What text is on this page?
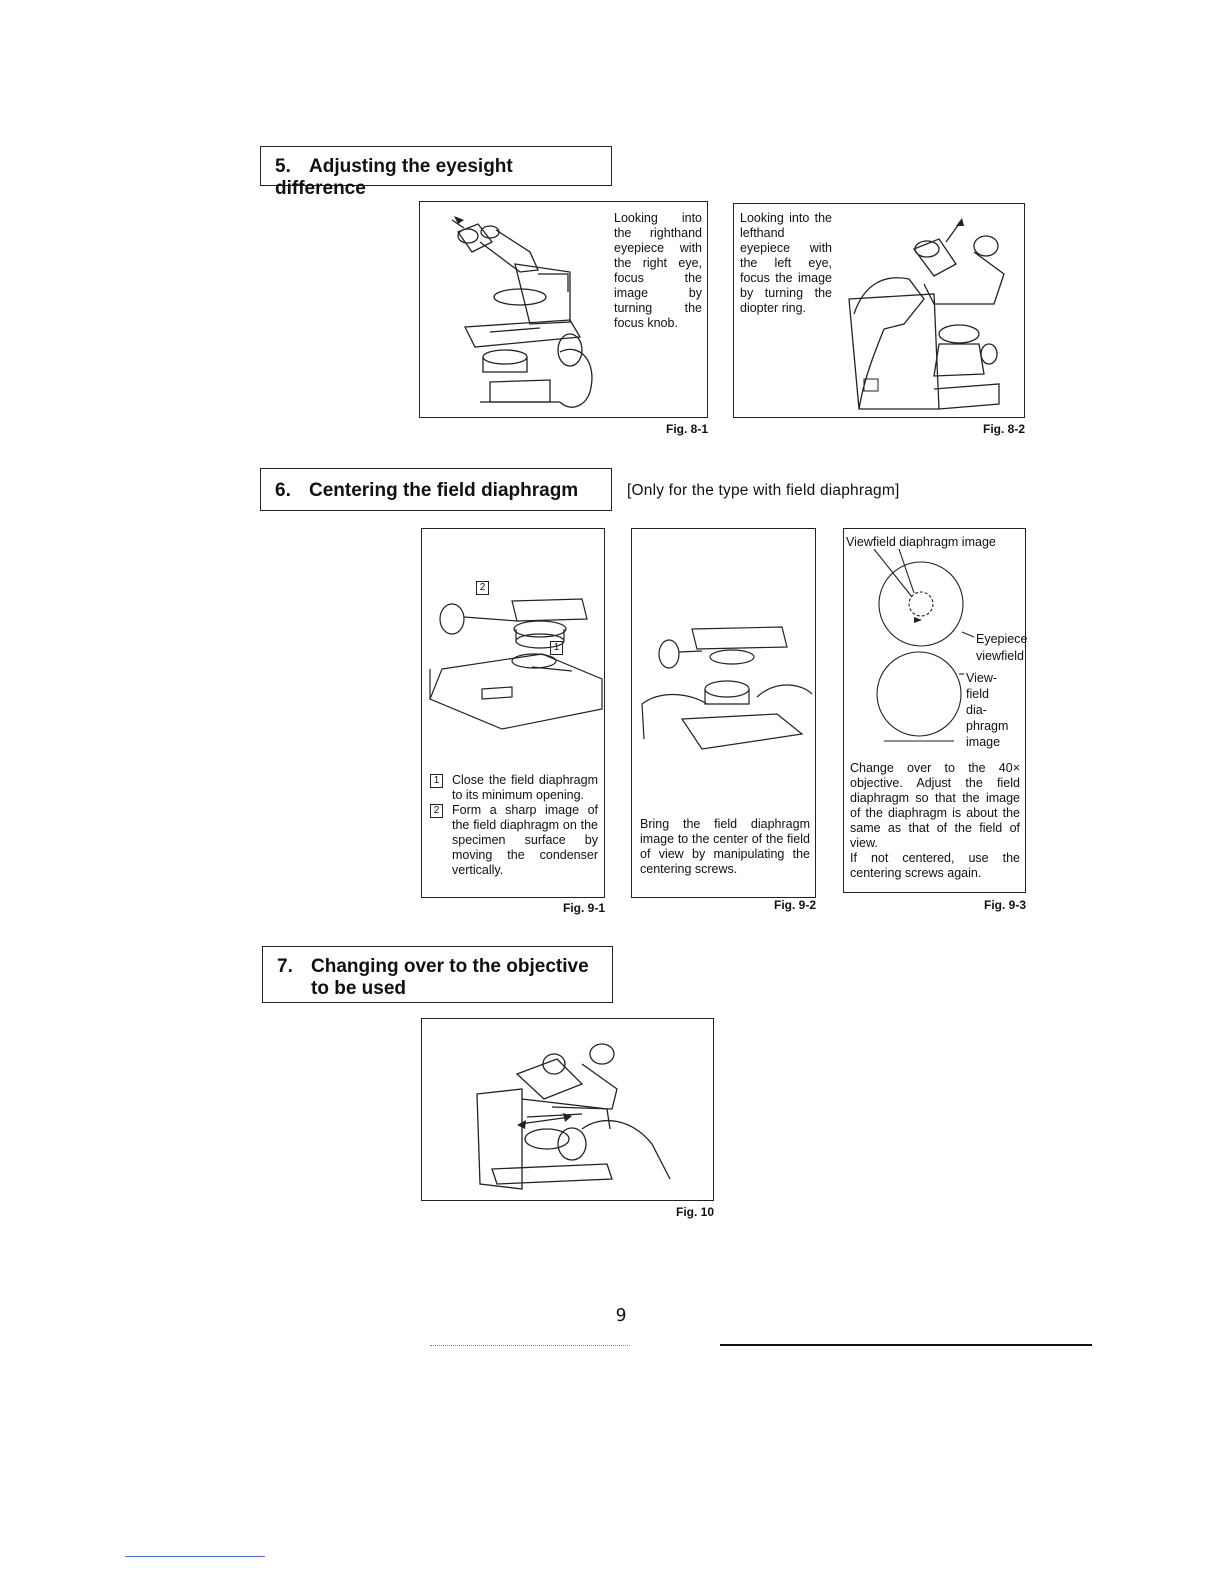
5. Adjusting the eyesight difference
Looking into the righthand eyepiece with the right eye, focus the image by turning the focus knob.
Fig. 8-1
Looking into the lefthand eyepiece with the left eye, focus the image by turning the diopter ring.
Fig. 8-2
6. Centering the field diaphragm	[Only for the type with field diaphragm]
2
1
1 Close the field diaphragm to its minimum opening.
2 Form a sharp image of the field diaphragm on the specimen surface by moving the condenser vertically.
Fig. 9-1
Bring the field diaphragm image to the center of the field of view by manipulating the centering screws.
Fig. 9-2
Viewfield diaphragm image
Eyepiece viewfield
View-
field
dia-
phragm
image
Change over to the 40× objective. Adjust the field diaphragm so that the image of the diaphragm is about the same as that of the field of view.
If not centered, use the centering screws again.
Fig. 9-3
7. Changing over to the objective
to be used
Fig. 10
9
